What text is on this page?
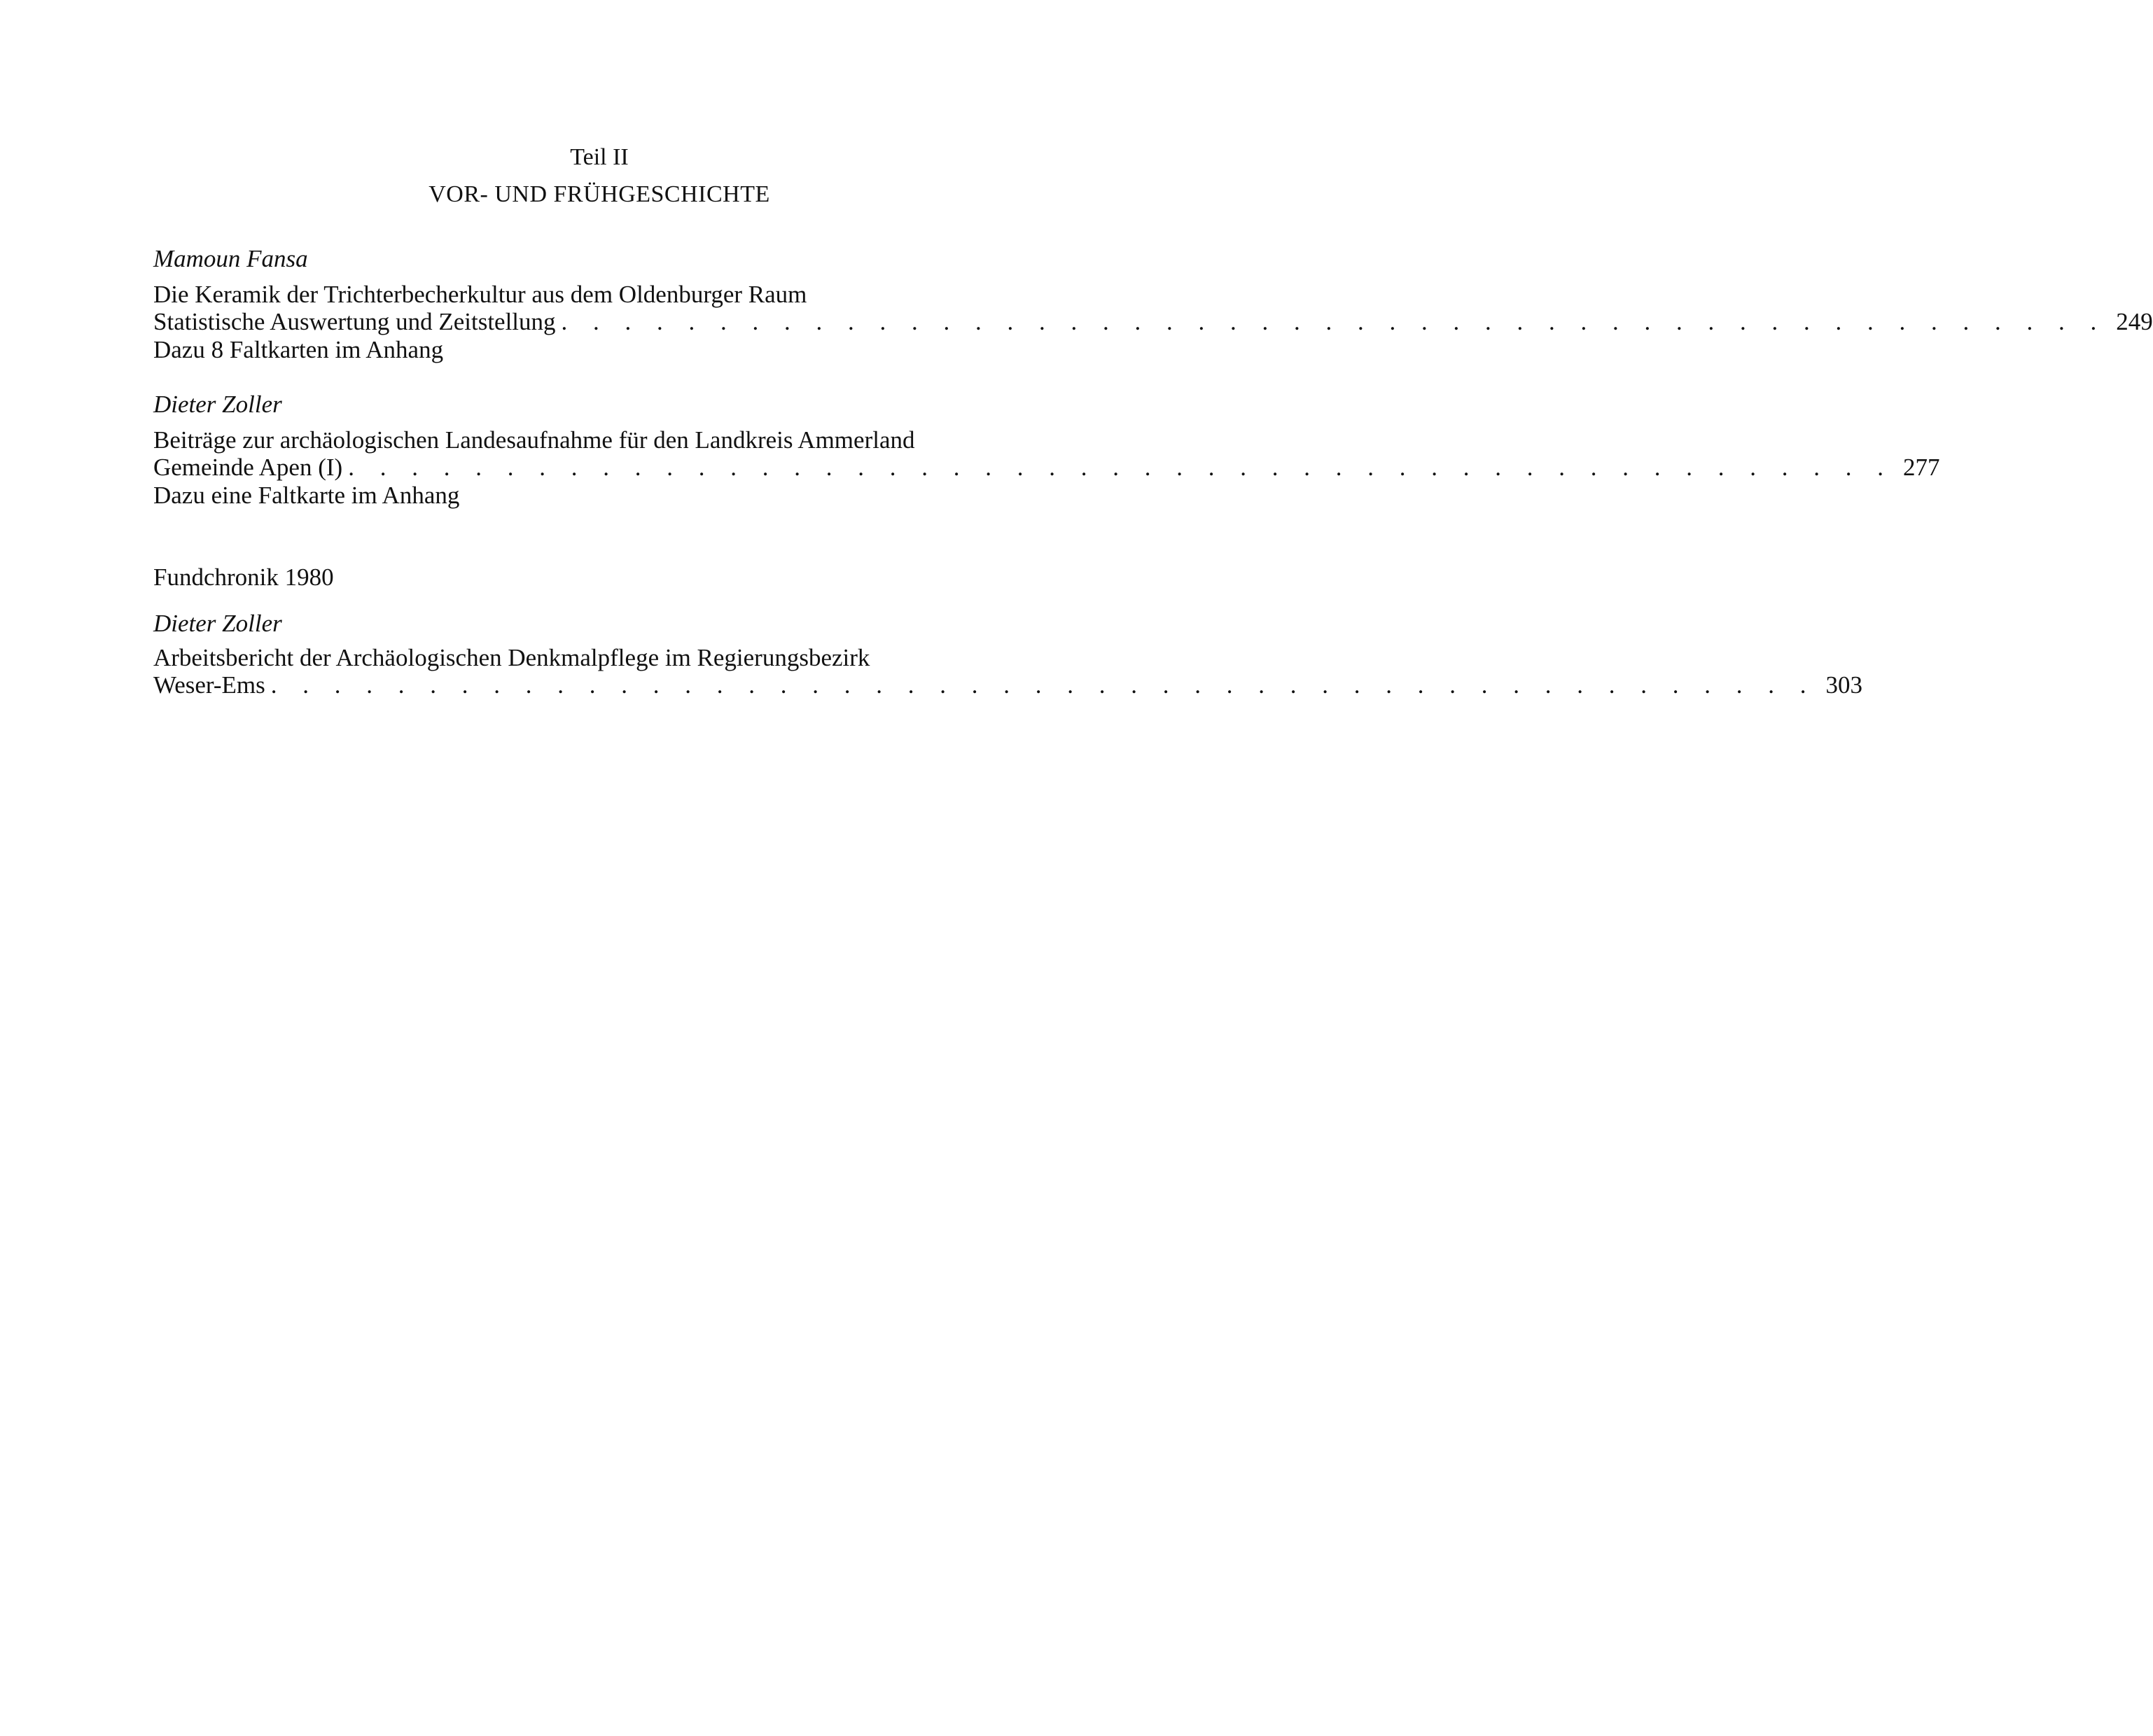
Teil II
VOR- UND FRÜHGESCHICHTE
Mamoun Fansa
Die Keramik der Trichterbecherkultur aus dem Oldenburger Raum
Statistische Auswertung und Zeitstellung . . . . . . . . . . . . . . . . . . . . . . . . . . . . . . . . . . . . . . . . . . . . . . . . . 249
Dazu 8 Faltkarten im Anhang
Dieter Zoller
Beiträge zur archäologischen Landesaufnahme für den Landkreis Ammerland
Gemeinde Apen (I) . . . . . . . . . . . . . . . . . . . . . . . . . . . . . . . . . . . . . . . . . . . . . . . . . 277
Dazu eine Faltkarte im Anhang
Fundchronik 1980
Dieter Zoller
Arbeitsbericht der Archäologischen Denkmalpflege im Regierungsbezirk
Weser-Ems . . . . . . . . . . . . . . . . . . . . . . . . . . . . . . . . . . . . . . . . . . . . . . . . . 303
